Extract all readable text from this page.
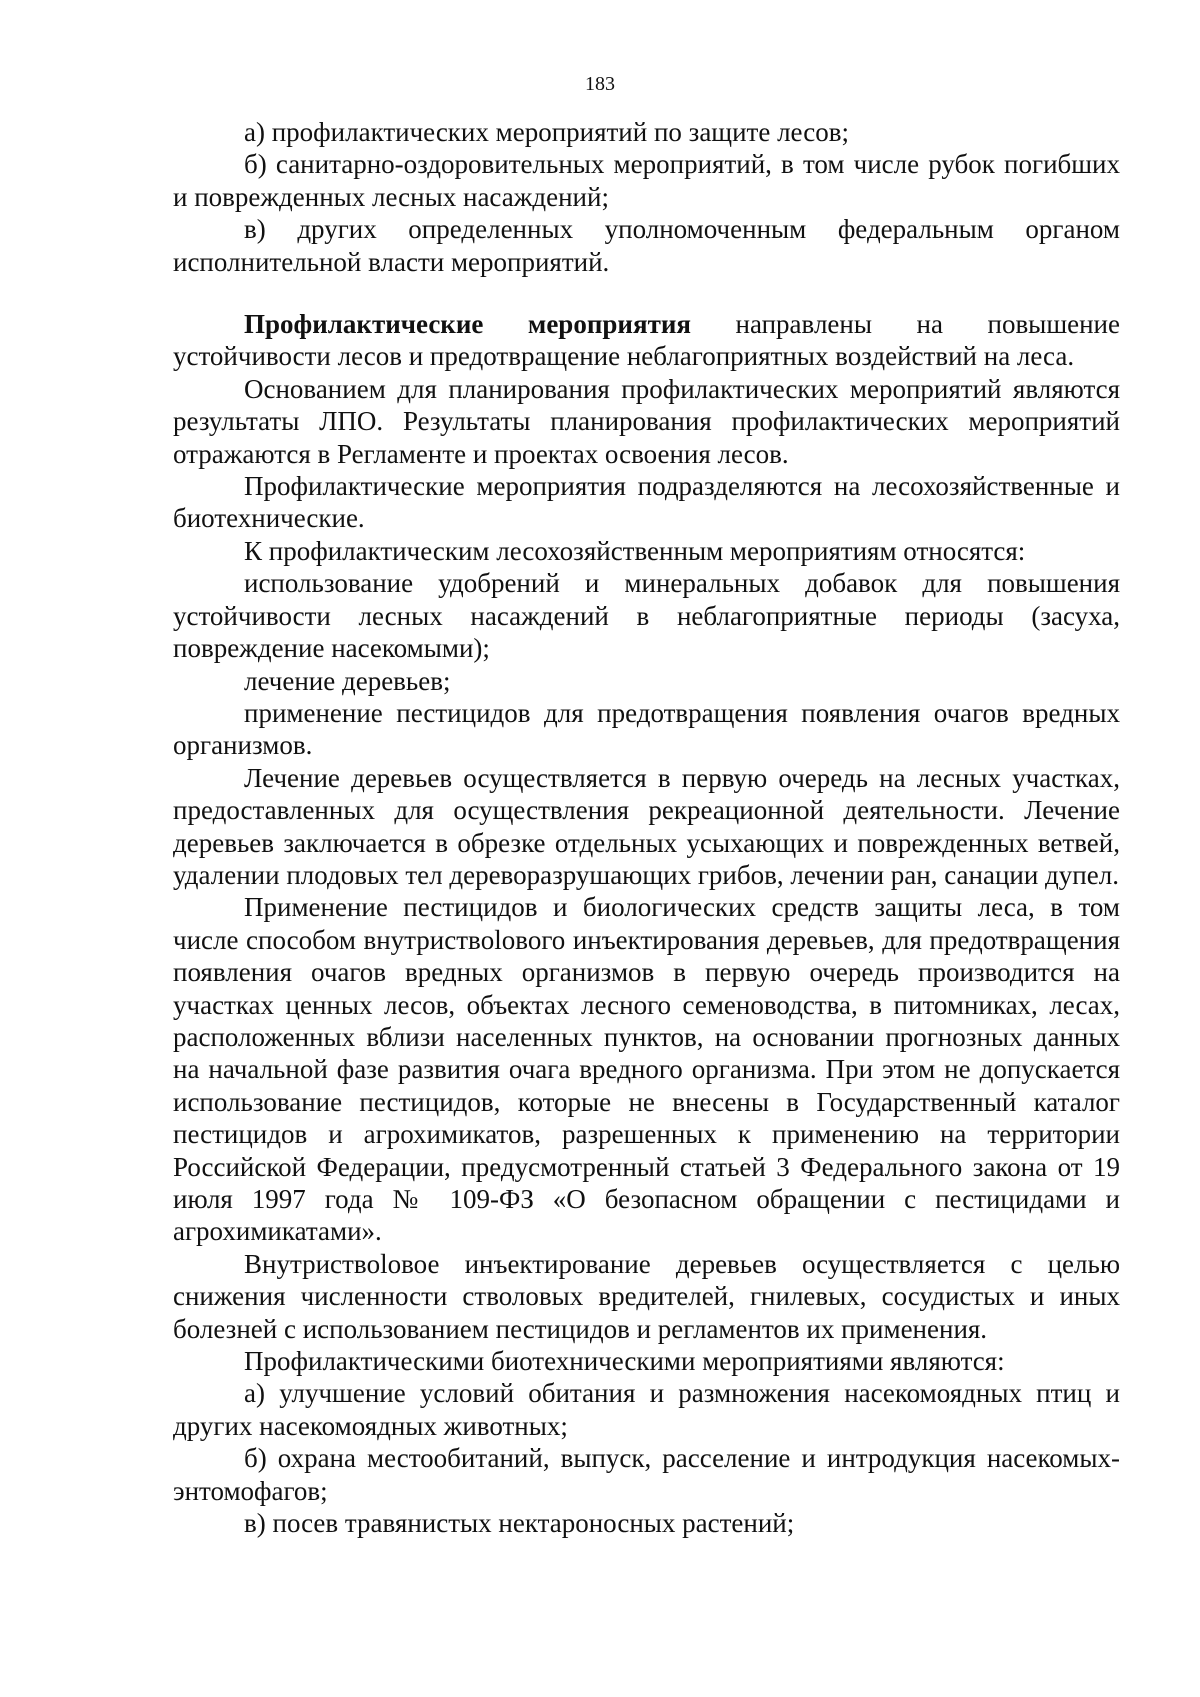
183

а) профилактических мероприятий по защите лесов;

б) санитарно-оздоровительных мероприятий, в том числе рубок погибших и поврежденных лесных насаждений;

в) других определенных уполномоченным федеральным органом исполнительной власти мероприятий.

Профилактические мероприятия направлены на повышение устойчивости лесов и предотвращение неблагоприятных воздействий на леса.

Основанием для планирования профилактических мероприятий являются результаты ЛПО. Результаты планирования профилактических мероприятий отражаются в Регламенте и проектах освоения лесов.

Профилактические мероприятия подразделяются на лесохозяйственные и биотехнические.

К профилактическим лесохозяйственным мероприятиям относятся:

использование удобрений и минеральных добавок для повышения устойчивости лесных насаждений в неблагоприятные периоды (засуха, повреждение насекомыми);

лечение деревьев;

применение пестицидов для предотвращения появления очагов вредных организмов.

Лечение деревьев осуществляется в первую очередь на лесных участках, предоставленных для осуществления рекреационной деятельности. Лечение деревьев заключается в обрезке отдельных усыхающих и поврежденных ветвей, удалении плодовых тел дереворазрушающих грибов, лечении ран, санации дупел.

Применение пестицидов и биологических средств защиты леса, в том числе способом внутриствolового инъектирования деревьев, для предотвращения появления очагов вредных организмов в первую очередь производится на участках ценных лесов, объектах лесного семеноводства, в питомниках, лесах, расположенных вблизи населенных пунктов, на основании прогнозных данных на начальной фазе развития очага вредного организма. При этом не допускается использование пестицидов, которые не внесены в Государственный каталог пестицидов и агрохимикатов, разрешенных к применению на территории Российской Федерации, предусмотренный статьей 3 Федерального закона от 19 июля 1997 года № 109-ФЗ «О безопасном обращении с пестицидами и агрохимикатами».

Внутриствolовое инъектирование деревьев осуществляется с целью снижения численности стволовых вредителей, гнилевых, сосудистых и иных болезней с использованием пестицидов и регламентов их применения.

Профилактическими биотехническими мероприятиями являются:

а) улучшение условий обитания и размножения насекомоядных птиц и других насекомоядных животных;

б) охрана местообитаний, выпуск, расселение и интродукция насекомых-энтомофагов;

в) посев травянистых нектароносных растений;
